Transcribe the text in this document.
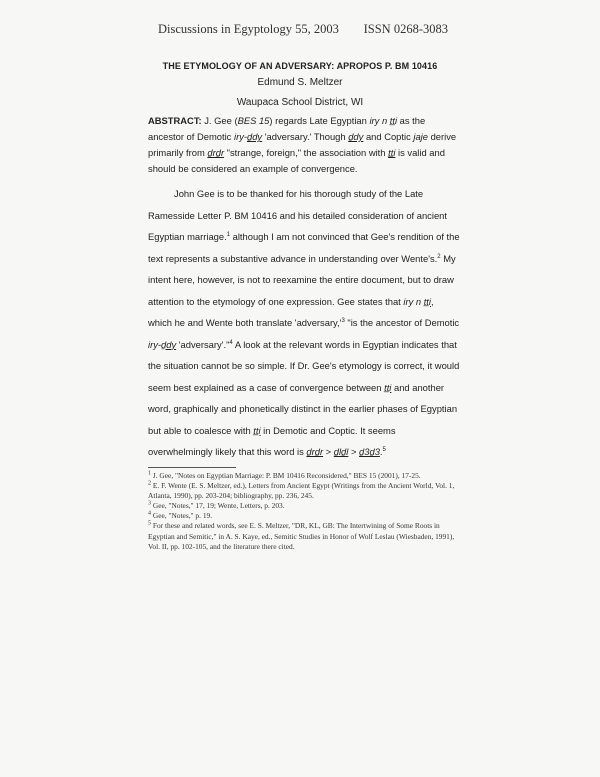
Discussions in Egyptology 55, 2003 ISSN 0268-3083
THE ETYMOLOGY OF AN ADVERSARY: APROPOS P. BM 10416
Edmund S. Meltzer
Waupaca School District, WI
ABSTRACT: J. Gee (BES 15) regards Late Egyptian iry n ṯṯi as the ancestor of Demotic iry-ḏdy 'adversary.' Though ḏdy and Coptic jaje derive primarily from ḏrḏr "strange, foreign," the association with ṯṯi is valid and should be considered an example of convergence.
John Gee is to be thanked for his thorough study of the Late Ramesside Letter P. BM 10416 and his detailed consideration of ancient Egyptian marriage.$^1$ although I am not convinced that Gee's rendition of the text represents a substantive advance in understanding over Wente's.$^2$ My intent here, however, is not to reexamine the entire document, but to draw attention to the etymology of one expression. Gee states that iry n ṯṯi, which he and Wente both translate '$adversary,'^3$ "is the ancestor of Demotic iry-ḏdy 'adversary'."$^4$ A look at the relevant words in Egyptian indicates that the situation cannot be so simple. If Dr. Gee's etymology is correct, it would seem best explained as a case of convergence between ṯṯi and another word, graphically and phonetically distinct in the earlier phases of Egyptian but able to coalesce with ṯṯi in Demotic and Coptic. It seems overwhelmingly likely that this word is ḏrḏr > ḏlḏl > ḏ3ḏ3.$^5$

$^1$ J. Gee, "Notes on Egyptian Marriage: P. BM 10416 Reconsidered," BES 15 (2001), 17-25.

$^2$ E. F. Wente (E. S. Meltzer, ed.), Letters from Ancient Egypt (Writings from the Ancient World, Vol. 1, Atlanta, 1990), pp. 203-204; bibliography, pp. 236, 245.

$^3$ Gee, "Notes," 17, 19; Wente, Letters, p. 203.

$^4$ Gee, "Notes," p. 19.

$^5$ For these and related words, see E. S. Meltzer, "DR, KL, GB: The Intertwining of Some Roots in Egyptian and Semitic," in A. S. Kaye, ed., Semitic Studies in Honor of Wolf Leslau (Wiesbaden, 1991), Vol. II, pp. 102-105, and the literature there cited.
